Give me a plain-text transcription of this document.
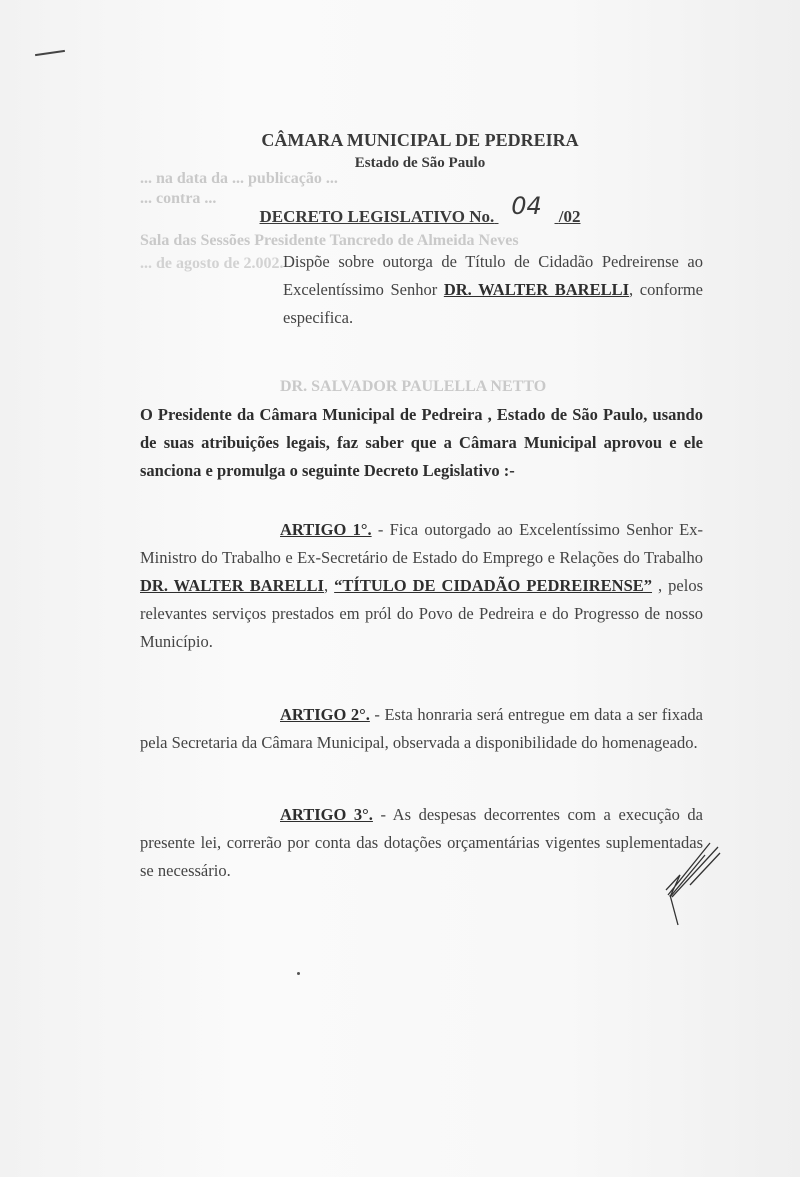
... na data da ... publicação ...
... contra ...
Sala das Sessões Presidente Tancredo de Almeida Neves
... de agosto de 2.002.
DR. SALVADOR PAULELLA NETTO
CÂMARA MUNICIPAL DE PEDREIRA
Estado de São Paulo
DECRETO LEGISLATIVO No. 04 /02
Dispõe sobre outorga de Título de Cidadão Pedreirense ao Excelentíssimo Senhor DR. WALTER BARELLI, conforme especifica.
O Presidente da Câmara Municipal de Pedreira , Estado de São Paulo, usando de suas atribuições legais, faz saber que a Câmara Municipal aprovou e ele sanciona e promulga o seguinte Decreto Legislativo :-
ARTIGO 1°. - Fica outorgado ao Excelentíssimo Senhor Ex-Ministro do Trabalho e Ex-Secretário de Estado do Emprego e Relações do Trabalho DR. WALTER BARELLI, “TÍTULO DE CIDADÃO PEDREIRENSE” , pelos relevantes serviços prestados em pról do Povo de Pedreira e do Progresso de nosso Município.
ARTIGO 2°. - Esta honraria será entregue em data a ser fixada pela Secretaria da Câmara Municipal, observada a disponibilidade do homenageado.
ARTIGO 3°. - As despesas decorrentes com a execução da presente lei, correrão por conta das dotações orçamentárias vigentes suplementadas se necessário.
